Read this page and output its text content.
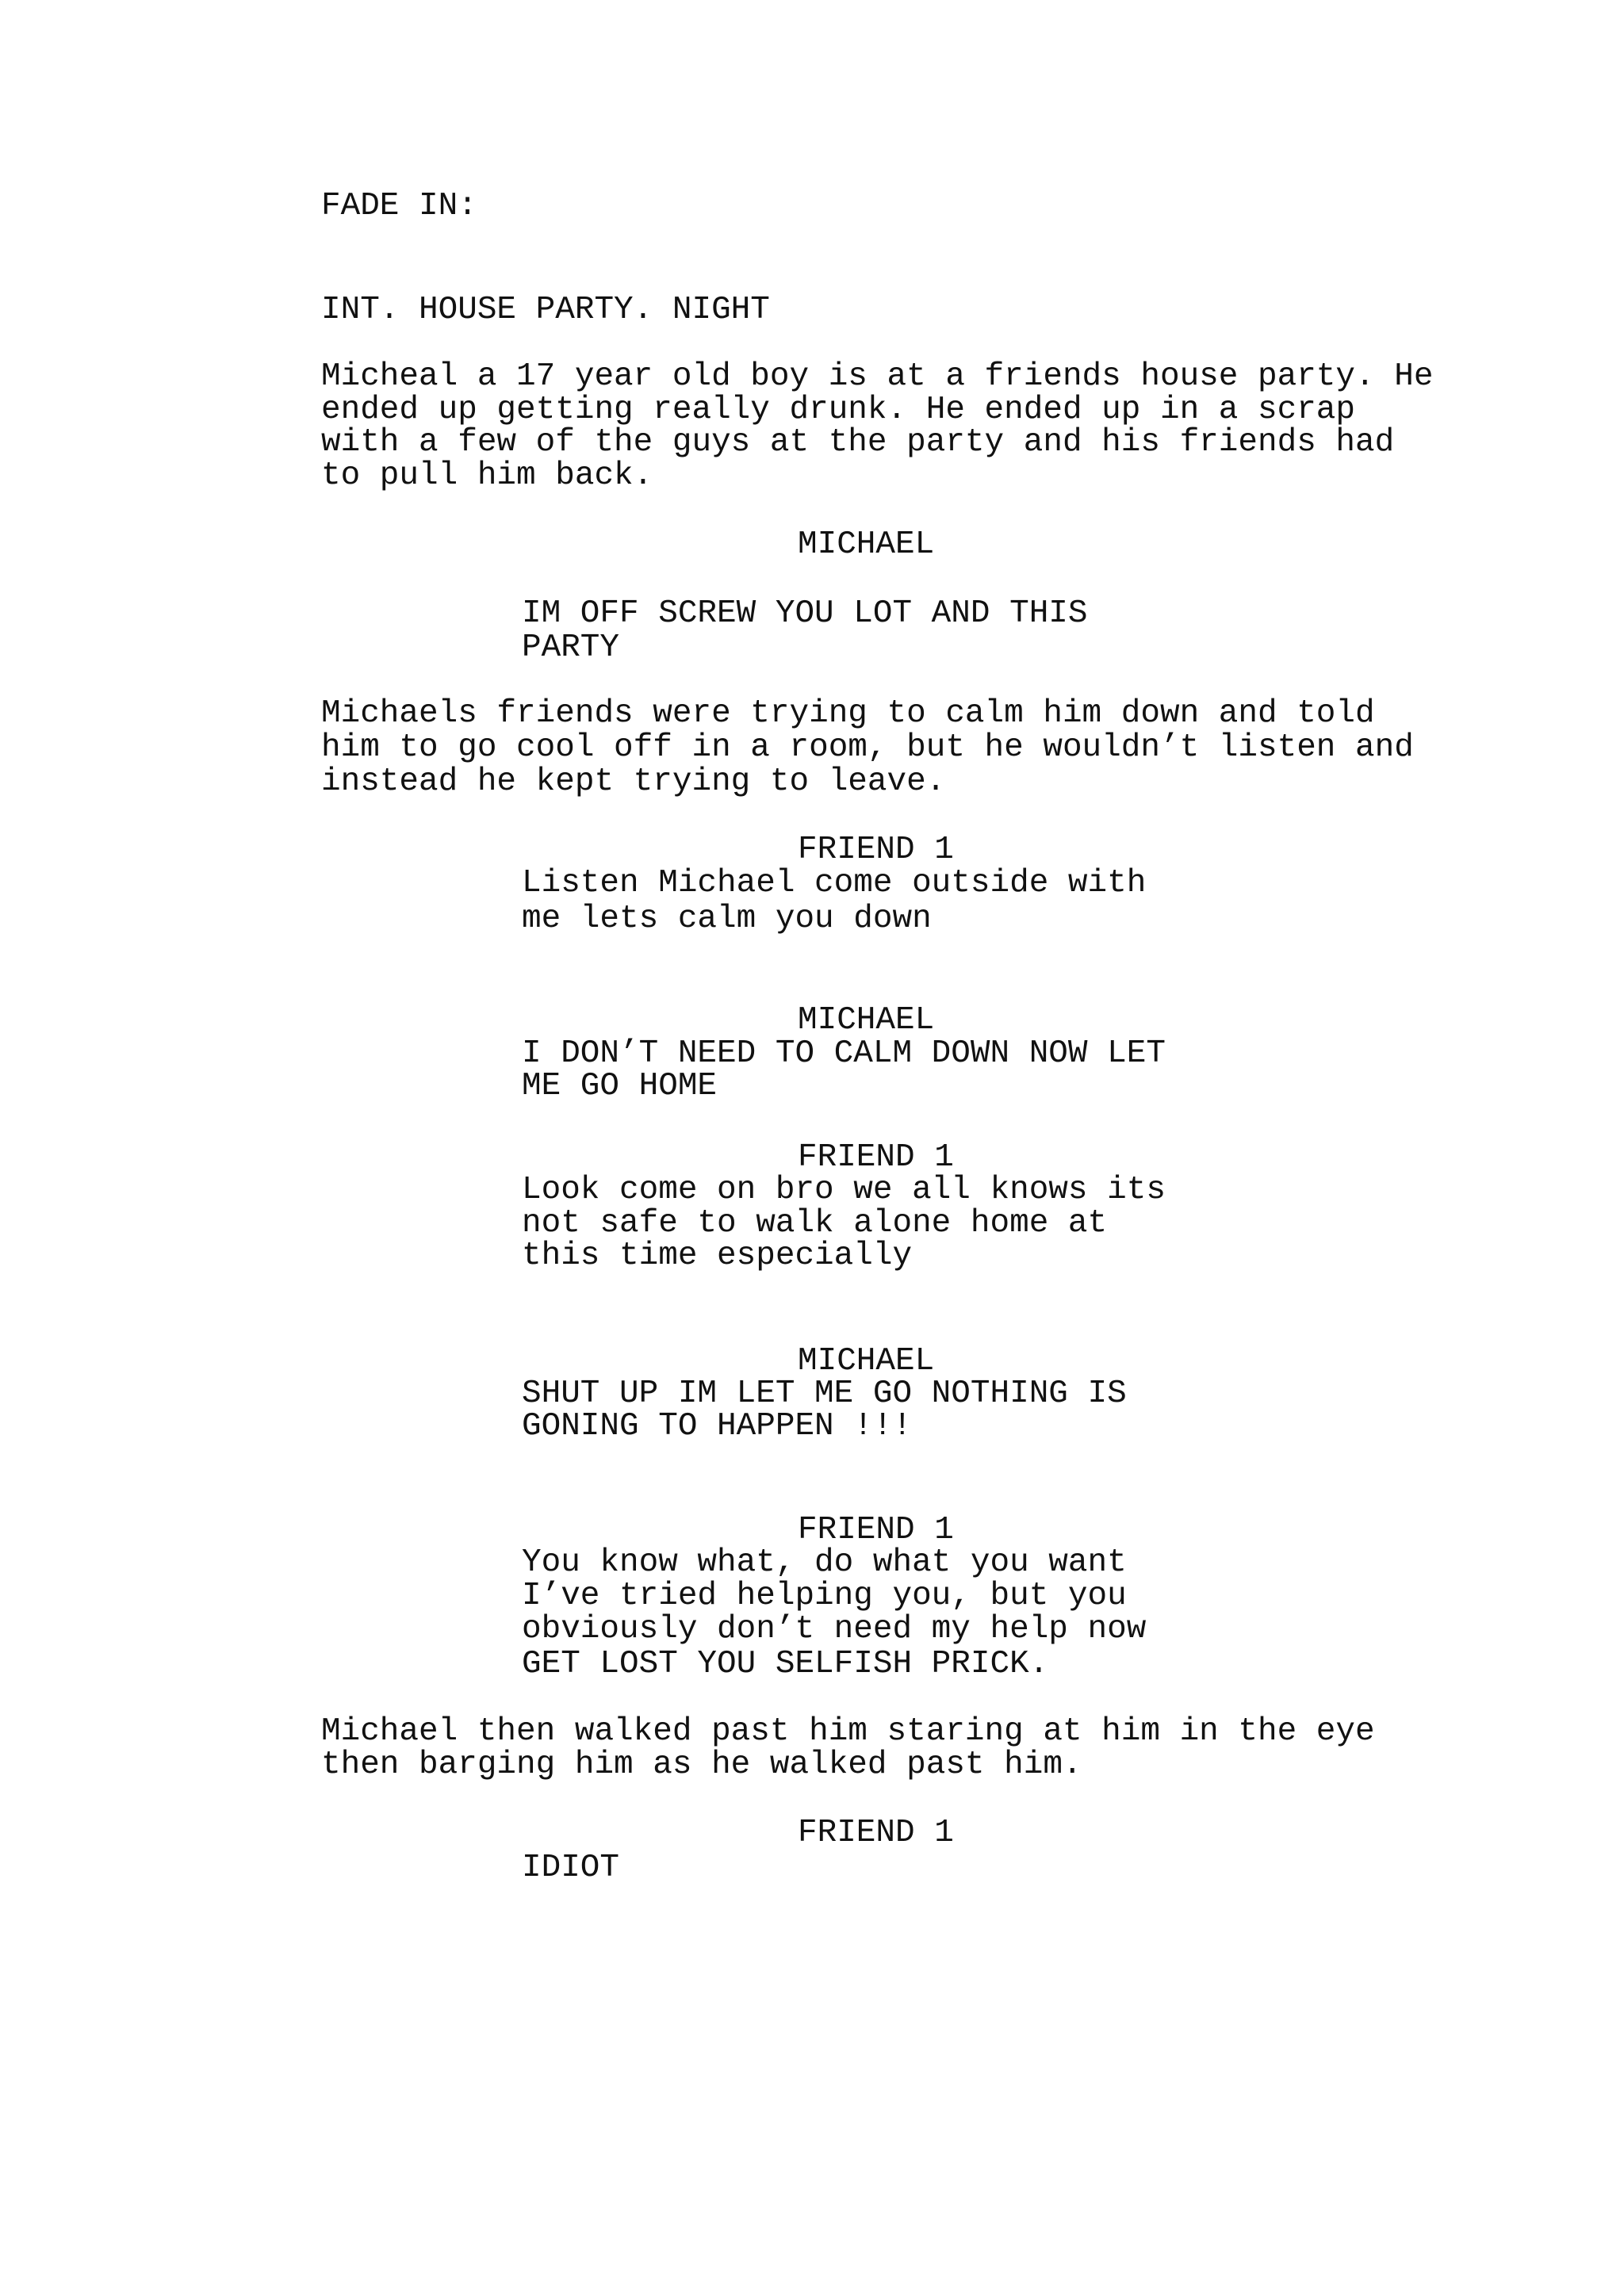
FADE IN:
INT. HOUSE PARTY. NIGHT
Micheal a 17 year old boy is at a friends house party. He
ended up getting really drunk. He ended up in a scrap
with a few of the guys at the party and his friends had
to pull him back.
MICHAEL
IM OFF SCREW YOU LOT AND THIS
PARTY
Michaels friends were trying to calm him down and told
him to go cool off in a room, but he wouldn’t listen and
instead he kept trying to leave.
FRIEND 1
Listen Michael come outside with
me lets calm you down
MICHAEL
I DON’T NEED TO CALM DOWN NOW LET
ME GO HOME
FRIEND 1
Look come on bro we all knows its
not safe to walk alone home at
this time especially
MICHAEL
SHUT UP IM LET ME GO NOTHING IS
GONING TO HAPPEN !!!
FRIEND 1
You know what, do what you want
I’ve tried helping you, but you
obviously don’t need my help now
GET LOST YOU SELFISH PRICK.
Michael then walked past him staring at him in the eye
then barging him as he walked past him.
FRIEND 1
IDIOT
